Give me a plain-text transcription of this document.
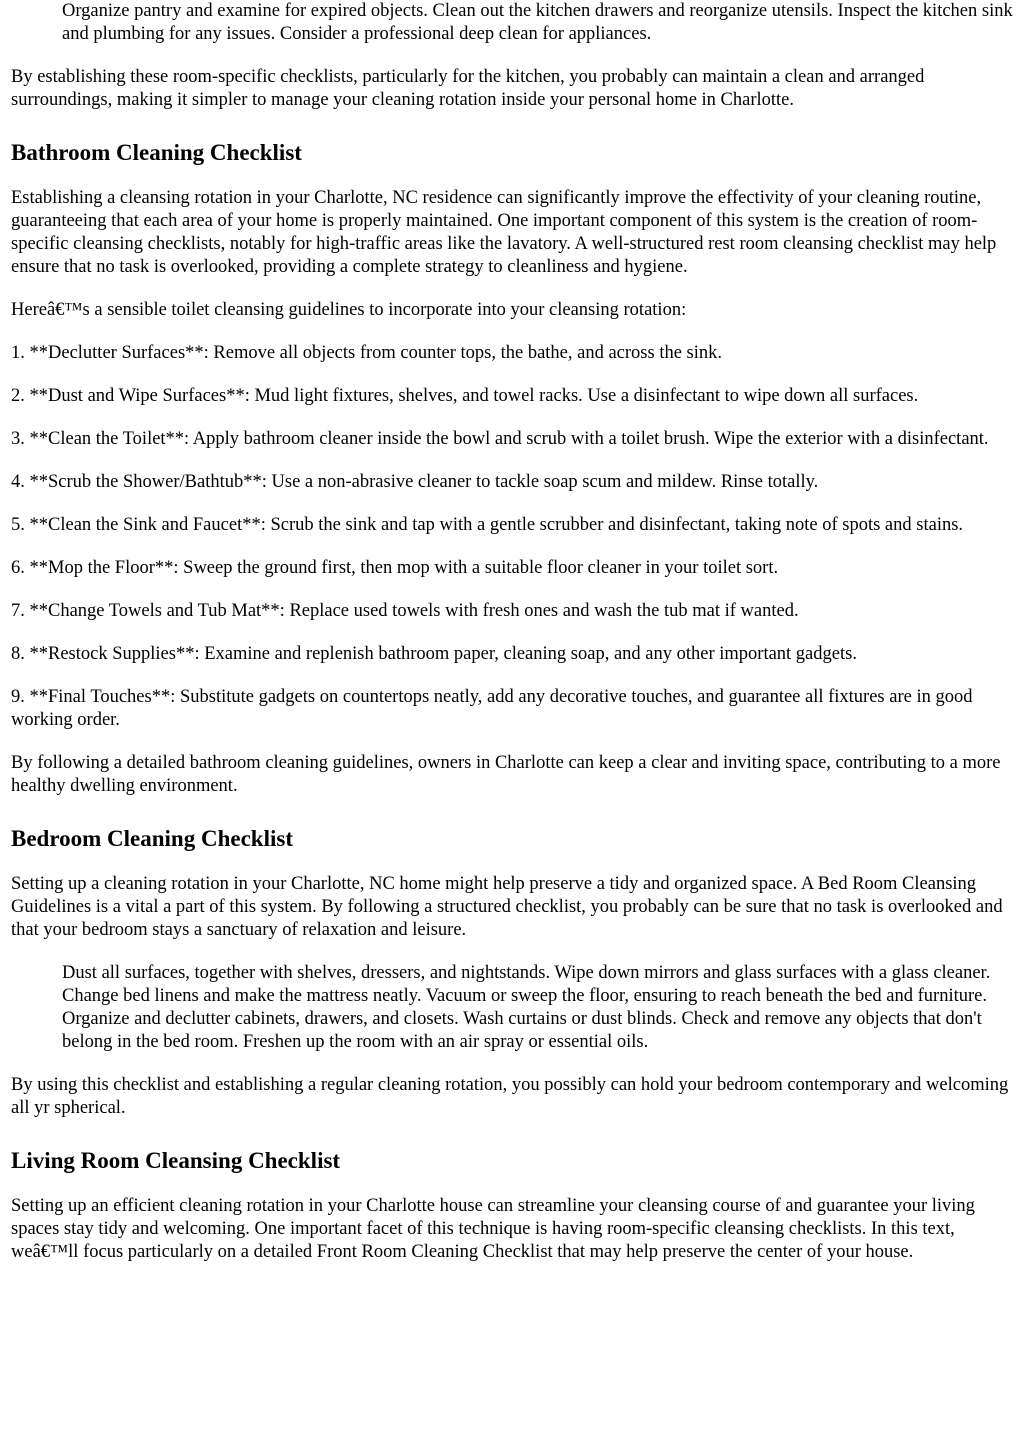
Organize pantry and examine for expired objects. Clean out the kitchen drawers and reorganize utensils. Inspect the kitchen sink and plumbing for any issues. Consider a professional deep clean for appliances.

By establishing these room-specific checklists, particularly for the kitchen, you probably can maintain a clean and arranged surroundings, making it simpler to manage your cleaning rotation inside your personal home in Charlotte.

Bathroom Cleaning Checklist

Establishing a cleansing rotation in your Charlotte, NC residence can significantly improve the effectivity of your cleaning routine, guaranteeing that each area of your home is properly maintained. One important component of this system is the creation of room-specific cleansing checklists, notably for high-traffic areas like the lavatory. A well-structured rest room cleansing checklist may help ensure that no task is overlooked, providing a complete strategy to cleanliness and hygiene.

Hereâ€™s a sensible toilet cleansing guidelines to incorporate into your cleansing rotation:

1. **Declutter Surfaces**: Remove all objects from counter tops, the bathe, and across the sink.

2. **Dust and Wipe Surfaces**: Mud light fixtures, shelves, and towel racks. Use a disinfectant to wipe down all surfaces.

3. **Clean the Toilet**: Apply bathroom cleaner inside the bowl and scrub with a toilet brush. Wipe the exterior with a disinfectant.

4. **Scrub the Shower/Bathtub**: Use a non-abrasive cleaner to tackle soap scum and mildew. Rinse totally.

5. **Clean the Sink and Faucet**: Scrub the sink and tap with a gentle scrubber and disinfectant, taking note of spots and stains.

6. **Mop the Floor**: Sweep the ground first, then mop with a suitable floor cleaner in your toilet sort.

7. **Change Towels and Tub Mat**: Replace used towels with fresh ones and wash the tub mat if wanted.

8. **Restock Supplies**: Examine and replenish bathroom paper, cleaning soap, and any other important gadgets.

9. **Final Touches**: Substitute gadgets on countertops neatly, add any decorative touches, and guarantee all fixtures are in good working order.

By following a detailed bathroom cleaning guidelines, owners in Charlotte can keep a clear and inviting space, contributing to a more healthy dwelling environment.

Bedroom Cleaning Checklist

Setting up a cleaning rotation in your Charlotte, NC home might help preserve a tidy and organized space. A Bed Room Cleansing Guidelines is a vital a part of this system. By following a structured checklist, you probably can be sure that no task is overlooked and that your bedroom stays a sanctuary of relaxation and leisure.

Dust all surfaces, together with shelves, dressers, and nightstands. Wipe down mirrors and glass surfaces with a glass cleaner. Change bed linens and make the mattress neatly. Vacuum or sweep the floor, ensuring to reach beneath the bed and furniture. Organize and declutter cabinets, drawers, and closets. Wash curtains or dust blinds. Check and remove any objects that don't belong in the bed room. Freshen up the room with an air spray or essential oils.

By using this checklist and establishing a regular cleaning rotation, you possibly can hold your bedroom contemporary and welcoming all yr spherical.

Living Room Cleansing Checklist

Setting up an efficient cleaning rotation in your Charlotte house can streamline your cleansing course of and guarantee your living spaces stay tidy and welcoming. One important facet of this technique is having room-specific cleansing checklists. In this text, weâ€™ll focus particularly on a detailed Front Room Cleaning Checklist that may help preserve the center of your house.
